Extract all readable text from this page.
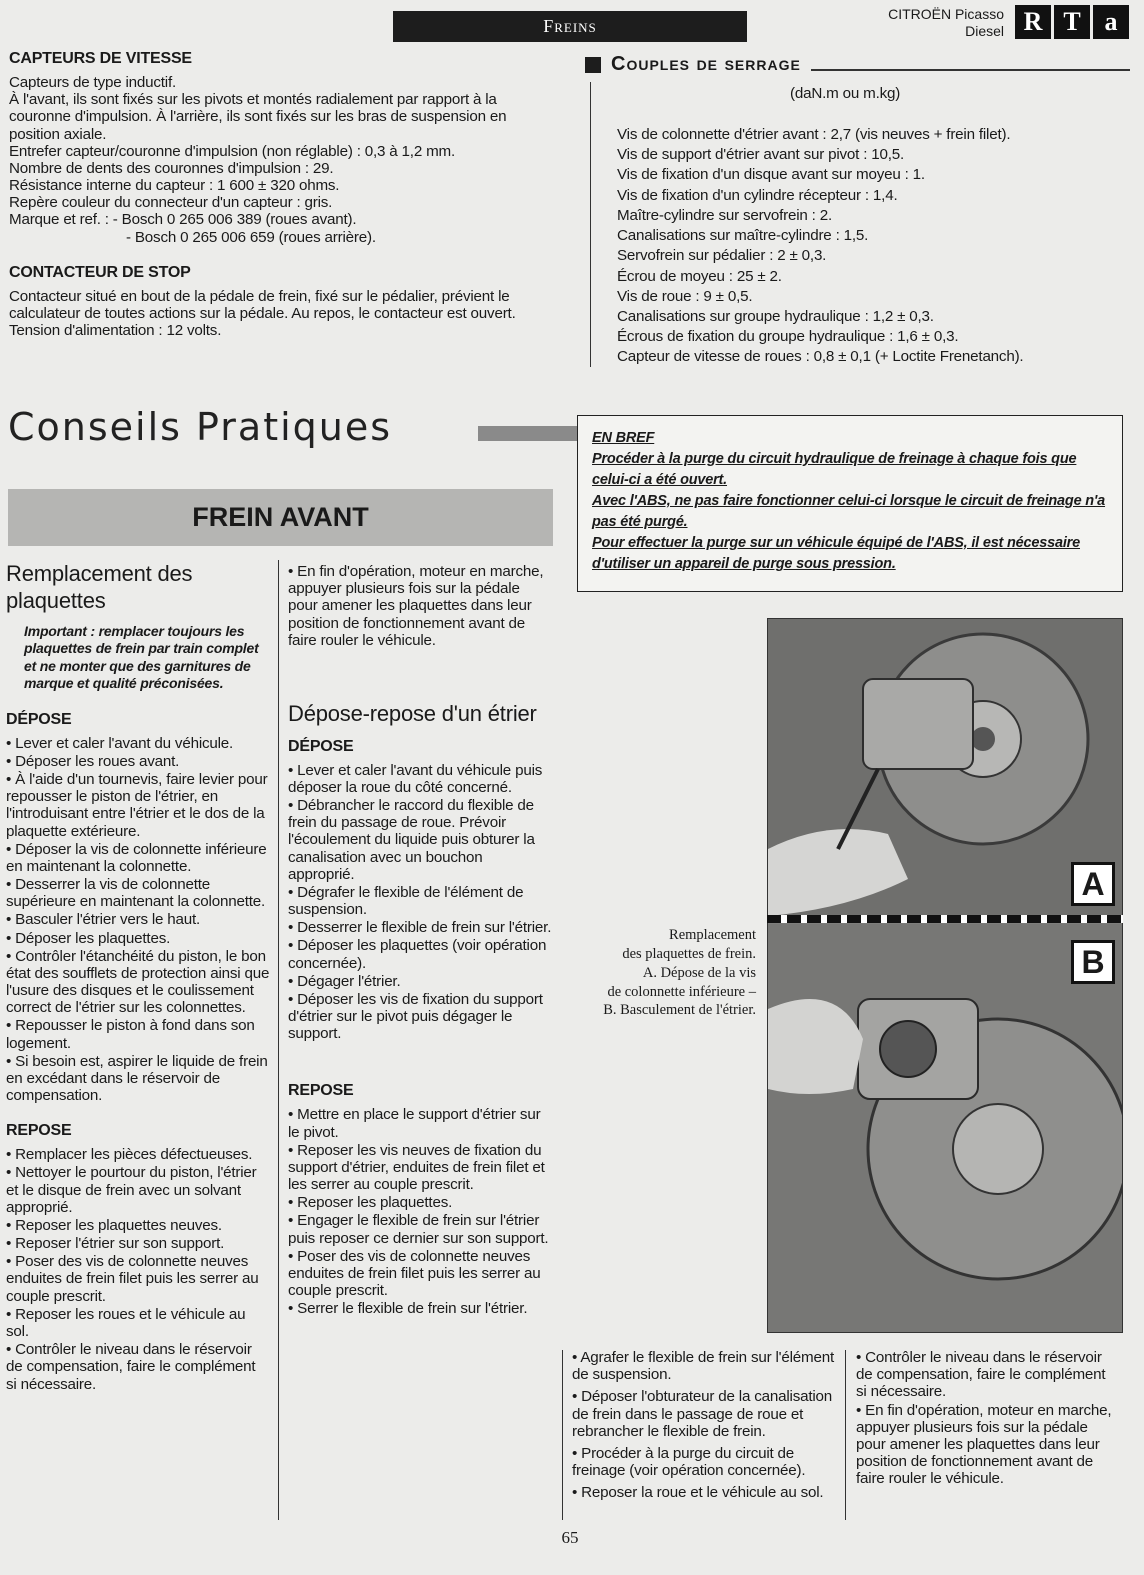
Freins
CITROËN Picasso
Diesel R T a
CAPTEURS DE VITESSE

Capteurs de type inductif.

À l'avant, ils sont fixés sur les pivots et montés radialement par rapport à la couronne d'impulsion. À l'arrière, ils sont fixés sur les bras de suspension en position axiale.

Entrefer capteur/couronne d'impulsion (non réglable) : 0,3 à 1,2 mm.

Nombre de dents des couronnes d'impulsion : 29.

Résistance interne du capteur : 1 600 ± 320 ohms.

Repère couleur du connecteur d'un capteur : gris.

Marque et ref. : - Bosch 0 265 006 389 (roues avant).

- Bosch 0 265 006 659 (roues arrière).

CONTACTEUR DE STOP

Contacteur situé en bout de la pédale de frein, fixé sur le pédalier, prévient le calculateur de toutes actions sur la pédale. Au repos, le contacteur est ouvert.

Tension d'alimentation : 12 volts.

Couples de serrage
(daN.m ou m.kg)

Vis de colonnette d'étrier avant : 2,7 (vis neuves + frein filet).

Vis de support d'étrier avant sur pivot : 10,5.

Vis de fixation d'un disque avant sur moyeu : 1.

Vis de fixation d'un cylindre récepteur : 1,4.

Maître-cylindre sur servofrein : 2.

Canalisations sur maître-cylindre : 1,5.

Servofrein sur pédalier : 2 ± 0,3.

Écrou de moyeu : 25 ± 2.

Vis de roue : 9 ± 0,5.

Canalisations sur groupe hydraulique : 1,2 ± 0,3.

Écrous de fixation du groupe hydraulique : 1,6 ± 0,3.

Capteur de vitesse de roues : 0,8 ± 0,1 (+ Loctite Frenetanch).

Conseils Pratiques	EN BREF
Procéder à la purge du circuit hydraulique de freinage à chaque fois que celui-ci a été ouvert.
Avec l'ABS, ne pas faire fonctionner celui-ci lorsque le circuit de freinage n'a pas été purgé.
Pour effectuer la purge sur un véhicule équipé de l'ABS, il est nécessaire d'utiliser un appareil de purge sous pression.
FREIN AVANT
Remplacement des plaquettes

Important : remplacer toujours les plaquettes de frein par train complet et ne monter que des garnitures de marque et qualité préconisées.

DÉPOSE
• Lever et caler l'avant du véhicule.
• Déposer les roues avant.
• À l'aide d'un tournevis, faire levier pour repousser le piston de l'étrier, en l'introduisant entre l'étrier et le dos de la plaquette extérieure.
• Déposer la vis de colonnette inférieure en maintenant la colonnette.
• Desserrer la vis de colonnette supérieure en maintenant la colonnette.
• Basculer l'étrier vers le haut.
• Déposer les plaquettes.
• Contrôler l'étanchéité du piston, le bon état des soufflets de protection ainsi que l'usure des disques et le coulissement correct de l'étrier sur les colonnettes.
• Repousser le piston à fond dans son logement.
• Si besoin est, aspirer le liquide de frein en excédant dans le réservoir de compensation.
REPOSE
• Remplacer les pièces défectueuses.
• Nettoyer le pourtour du piston, l'étrier et le disque de frein avec un solvant approprié.
• Reposer les plaquettes neuves.
• Reposer l'étrier sur son support.
• Poser des vis de colonnette neuves enduites de frein filet puis les serrer au couple prescrit.
• Reposer les roues et le véhicule au sol.
• Contrôler le niveau dans le réservoir de compensation, faire le complément si nécessaire.
• En fin d'opération, moteur en marche, appuyer plusieurs fois sur la pédale pour amener les plaquettes dans leur position de fonctionnement avant de faire rouler le véhicule.
Dépose-repose d'un étrier
DÉPOSE
• Lever et caler l'avant du véhicule puis déposer la roue du côté concerné.
• Débrancher le raccord du flexible de frein du passage de roue. Prévoir l'écoulement du liquide puis obturer la canalisation avec un bouchon approprié.
• Dégrafer le flexible de l'élément de suspension.
• Desserrer le flexible de frein sur l'étrier.
• Déposer les plaquettes (voir opération concernée).
• Dégager l'étrier.
• Déposer les vis de fixation du support d'étrier sur le pivot puis dégager le support.
REPOSE
• Mettre en place le support d'étrier sur le pivot.
• Reposer les vis neuves de fixation du support d'étrier, enduites de frein filet et les serrer au couple prescrit.
• Reposer les plaquettes.
• Engager le flexible de frein sur l'étrier puis reposer ce dernier sur son support.
• Poser des vis de colonnette neuves enduites de frein filet puis les serrer au couple prescrit.
• Serrer le flexible de frein sur l'étrier.
A
B
Remplacement
des plaquettes de frein.
A. Dépose de la vis
de colonnette inférieure –
B. Basculement de l'étrier.
• Agrafer le flexible de frein sur l'élément de suspension.
• Déposer l'obturateur de la canalisation de frein dans le passage de roue et rebrancher le flexible de frein.
• Procéder à la purge du circuit de freinage (voir opération concernée).
• Reposer la roue et le véhicule au sol.
• Contrôler le niveau dans le réservoir de compensation, faire le complément si nécessaire.
• En fin d'opération, moteur en marche, appuyer plusieurs fois sur la pédale pour amener les plaquettes dans leur position de fonctionnement avant de faire rouler le véhicule.
65
